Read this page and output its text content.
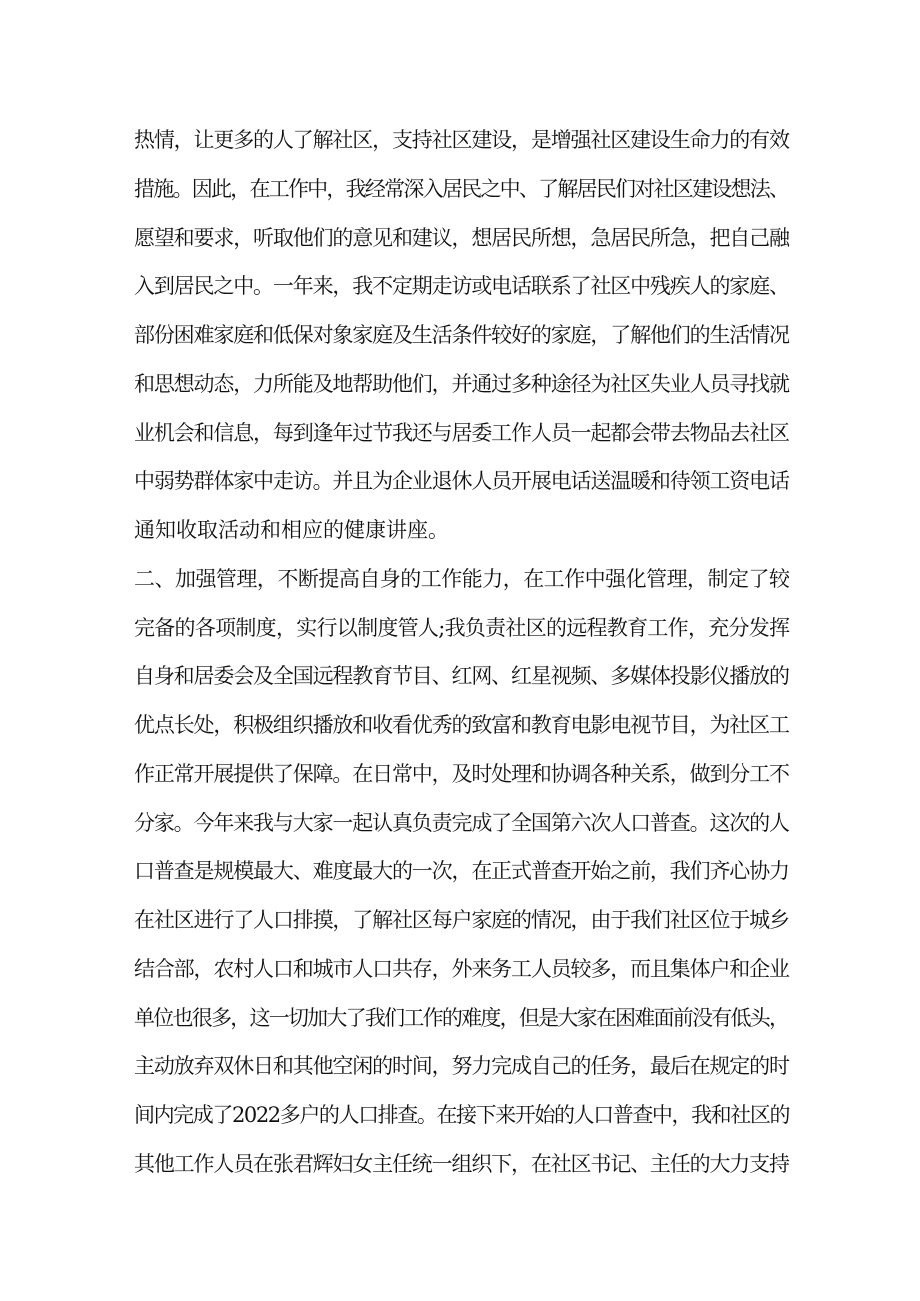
热情，让更多的人了解社区，支持社区建设，是增强社区建设生命力的有效
措施。因此，在工作中，我经常深入居民之中、了解居民们对社区建设想法、
愿望和要求，听取他们的意见和建议，想居民所想，急居民所急，把自己融
入到居民之中。一年来，我不定期走访或电话联系了社区中残疾人的家庭、
部份困难家庭和低保对象家庭及生活条件较好的家庭，了解他们的生活情况
和思想动态，力所能及地帮助他们，并通过多种途径为社区失业人员寻找就
业机会和信息，每到逢年过节我还与居委工作人员一起都会带去物品去社区
中弱势群体家中走访。并且为企业退休人员开展电话送温暖和待领工资电话
通知收取活动和相应的健康讲座。
二、加强管理，不断提高自身的工作能力，在工作中强化管理，制定了较
完备的各项制度，实行以制度管人;我负责社区的远程教育工作，充分发挥
自身和居委会及全国远程教育节目、红网、红星视频、多媒体投影仪播放的
优点长处，积极组织播放和收看优秀的致富和教育电影电视节目，为社区工
作正常开展提供了保障。在日常中，及时处理和协调各种关系，做到分工不
分家。今年来我与大家一起认真负责完成了全国第六次人口普查。这次的人
口普查是规模最大、难度最大的一次，在正式普查开始之前，我们齐心协力
在社区进行了人口排摸，了解社区每户家庭的情况，由于我们社区位于城乡
结合部，农村人口和城市人口共存，外来务工人员较多，而且集体户和企业
单位也很多，这一切加大了我们工作的难度，但是大家在困难面前没有低头，
主动放弃双休日和其他空闲的时间，努力完成自己的任务，最后在规定的时
间内完成了2022多户的人口排查。在接下来开始的人口普查中，我和社区的
其他工作人员在张君辉妇女主任统一组织下，在社区书记、主任的大力支持
